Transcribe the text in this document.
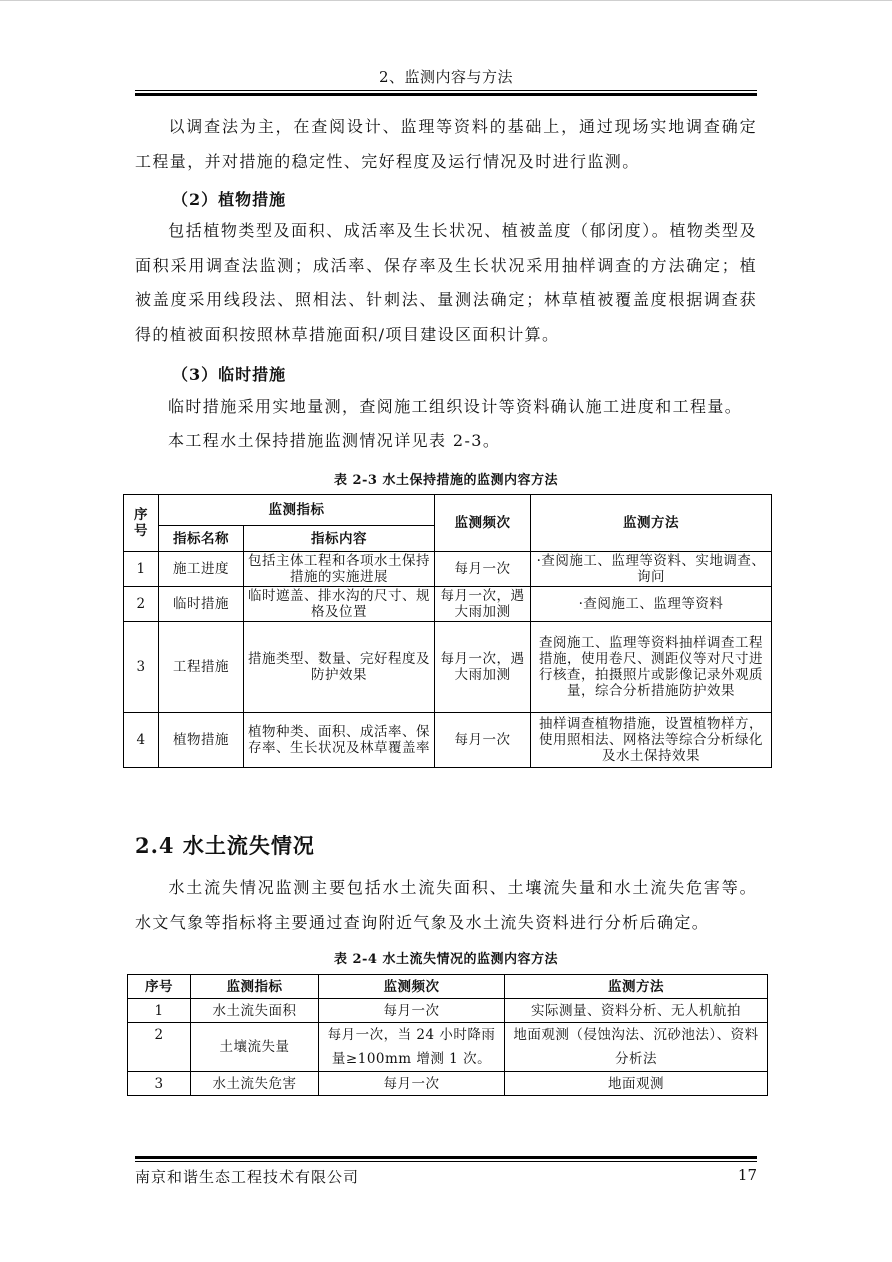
2、监测内容与方法

以调查法为主，在查阅设计、监理等资料的基础上，通过现场实地调查确定工程量，并对措施的稳定性、完好程度及运行情况及时进行监测。

（2）植物措施

包括植物类型及面积、成活率及生长状况、植被盖度（郁闭度）。植物类型及面积采用调查法监测；成活率、保存率及生长状况采用抽样调查的方法确定；植被盖度采用线段法、照相法、针刺法、量测法确定；林草植被覆盖度根据调查获得的植被面积按照林草措施面积/项目建设区面积计算。

（3）临时措施

临时措施采用实地量测，查阅施工组织设计等资料确认施工进度和工程量。

本工程水土保持措施监测情况详见表 2-3。

表 2-3 水土保持措施的监测内容方法
序号	监测指标		监测频次	监测方法
	指标名称	指标内容		
1	施工进度	包括主体工程和各项水土保持措施的实施进展	每月一次	·查阅施工、监理等资料、实地调查、询问
2	临时措施	临时遮盖、排水沟的尺寸、规格及位置	每月一次，遇大雨加测	·查阅施工、监理等资料
3	工程措施	措施类型、数量、完好程度及防护效果	每月一次，遇大雨加测	查阅施工、监理等资料抽样调查工程措施，使用卷尺、测距仪等对尺寸进行核查，拍摄照片或影像记录外观质量，综合分析措施防护效果
4	植物措施	植物种类、面积、成活率、保存率、生长状况及林草覆盖率	每月一次	抽样调查植物措施，设置植物样方，使用照相法、网格法等综合分析绿化及水土保持效果
2.4 水土流失情况

水土流失情况监测主要包括水土流失面积、土壤流失量和水土流失危害等。水文气象等指标将主要通过查询附近气象及水土流失资料进行分析后确定。

表 2-4 水土流失情况的监测内容方法
序号	监测指标	监测频次	监测方法
1	水土流失面积	每月一次	实际测量、资料分析、无人机航拍
2	土壤流失量	每月一次，当 24 小时降雨量≥100mm 增测 1 次。	地面观测（侵蚀沟法、沉砂池法）、资料分析法
3	水土流失危害	每月一次	地面观测
南京和谐生态工程技术有限公司	17
